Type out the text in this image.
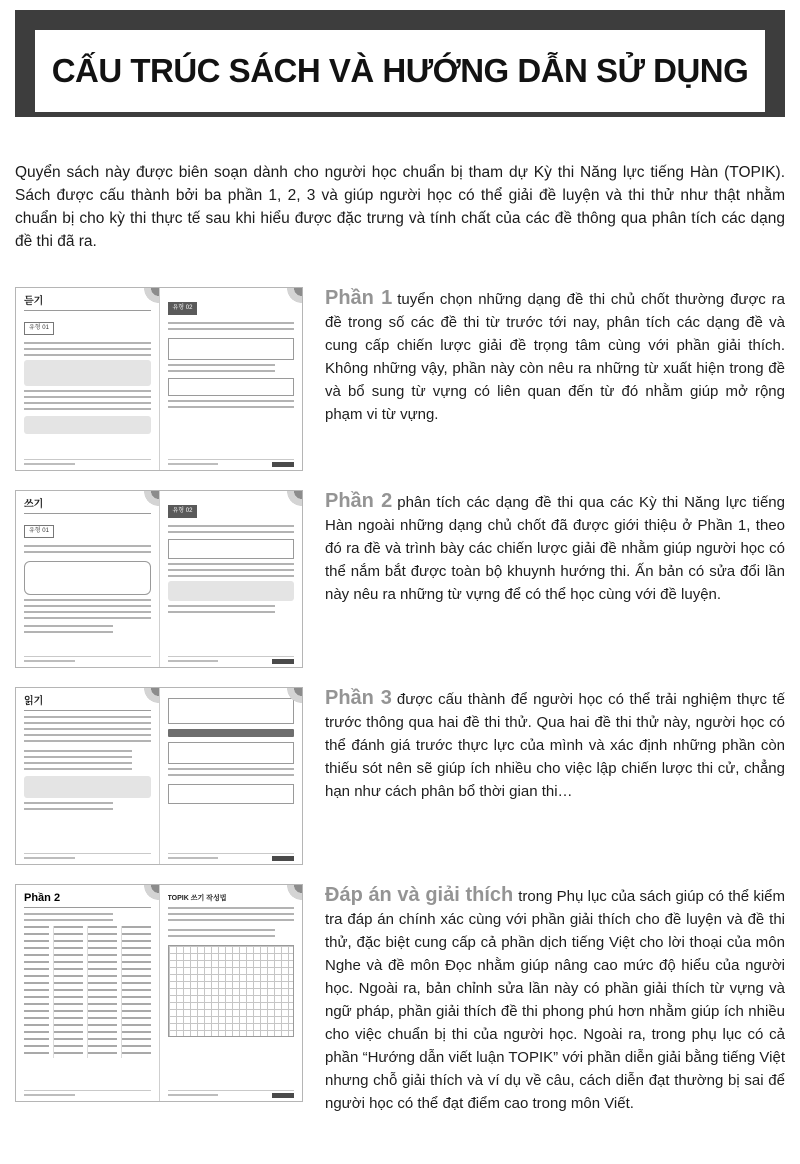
CẤU TRÚC SÁCH VÀ HƯỚNG DẪN SỬ DỤNG

Quyển sách này được biên soạn dành cho người học chuẩn bị tham dự Kỳ thi Năng lực tiếng Hàn (TOPIK). Sách được cấu thành bởi ba phần 1, 2, 3 và giúp người học có thể giải đề luyện và thi thử như thật nhằm chuẩn bị cho kỳ thi thực tế sau khi hiểu được đặc trưng và tính chất của các đề thông qua phân tích các dạng đề thi đã ra.

듣기
유형 01
유형 02	Phần 1 tuyển chọn những dạng đề thi chủ chốt thường được ra đề trong số các đề thi từ trước tới nay, phân tích các dạng đề và cung cấp chiến lược giải đề trọng tâm cùng với phần giải thích. Không những vậy, phần này còn nêu ra những từ xuất hiện trong đề và bổ sung từ vựng có liên quan đến từ đó nhằm giúp mở rộng phạm vi từ vựng.

쓰기
유형 01
유형 02	Phần 2 phân tích các dạng đề thi qua các Kỳ thi Năng lực tiếng Hàn ngoài những dạng chủ chốt đã được giới thiệu ở Phần 1, theo đó ra đề và trình bày các chiến lược giải đề nhằm giúp người học có thể nắm bắt được toàn bộ khuynh hướng thi. Ấn bản có sửa đổi lần này nêu ra những từ vựng để có thể học cùng với đề luyện.

읽기	Phần 3 được cấu thành để người học có thể trải nghiệm thực tế trước thông qua hai đề thi thử. Qua hai đề thi thử này, người học có thể đánh giá trước thực lực của mình và xác định những phần còn thiếu sót nên sẽ giúp ích nhiều cho việc lập chiến lược thi cử, chẳng hạn như cách phân bổ thời gian thi…

Phần 2	TOPIK 쓰기 작성법	Đáp án và giải thích trong Phụ lục của sách giúp có thể kiểm tra đáp án chính xác cùng với phần giải thích cho đề luyện và đề thi thử, đặc biệt cung cấp cả phần dịch tiếng Việt cho lời thoại của môn Nghe và đề môn Đọc nhằm giúp nâng cao mức độ hiểu của người học. Ngoài ra, bản chỉnh sửa lần này có phần giải thích từ vựng và ngữ pháp, phần giải thích đề thi phong phú hơn nhằm giúp ích nhiều cho việc chuẩn bị thi của người học. Ngoài ra, trong phụ lục có cả phần “Hướng dẫn viết luận TOPIK” với phần diễn giải bằng tiếng Việt nhưng chỗ giải thích và ví dụ về câu, cách diễn đạt thường bị sai để người học có thể đạt điểm cao trong môn Viết.
